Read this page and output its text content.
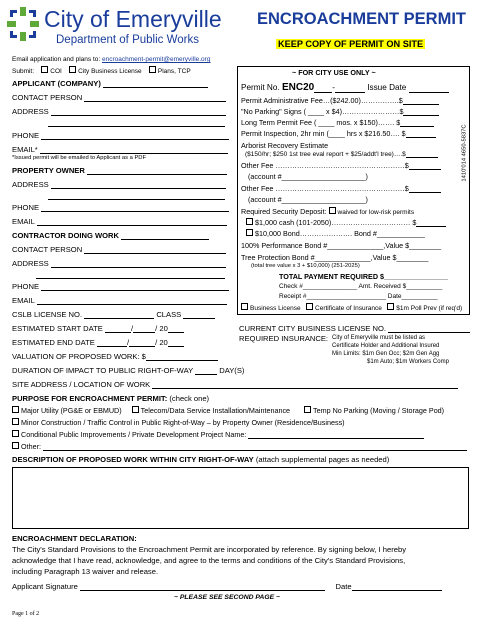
City of Emeryville
Department of Public Works
ENCROACHMENT PERMIT
KEEP COPY OF PERMIT ON SITE
Email application and plans to: encroachment-permit@emeryville.org
Submit: COI City Business License Plans, TCP
APPLICANT (COMPANY)
CONTACT PERSON
ADDRESS
PHONE
EMAIL*
*Issued permit will be emailed to Applicant as a PDF
PROPERTY OWNER
ADDRESS
PHONE
EMAIL
CONTRACTOR DOING WORK
CONTACT PERSON
ADDRESS
PHONE
EMAIL
CSLB LICENSE NO.	CLASS
~ FOR CITY USE ONLY ~
Permit No. ENC20 -	Issue Date
Permit Administrative Fee…($242.00)…………….$
"No Parking" Signs ( ____ x $4)……………………$
Long Term Permit Fee ( ____ mos. x $150)……. $
Permit Inspection, 2hr min (____ hrs x $216.50…. $
Arborist Recovery Estimate
($150/hr; $250 1st tree eval report + $25/addt'l tree)….$
Other Fee ………………………………………………$
(account #_____________________)
Other Fee ………………………………………………$
(account #_____________________)
Required Security Deposit: waived for low-risk permits
$1,000 cash (101-2050)…………………………… $
$10,000 Bond…………………. Bond #____________
100% Performance Bond #______________,Value $________
Tree Protection Bond #______________,Value $________
(total tree value x 3 + $10,000) (251-2025)
TOTAL PAYMENT REQUIRED $________________
Check #_______________ Amt. Received $__________
Receipt #______________________ Date__________
Business License Certificate of Insurance $1m Poll Prev (if req'd)
1410'014 4650-5837C
ESTIMATED START DATE	/	/ 20
ESTIMATED END DATE	/	/ 20
VALUATION OF PROPOSED WORK: $
DURATION OF IMPACT TO PUBLIC RIGHT-OF-WAY	DAY(S)
SITE ADDRESS / LOCATION OF WORK
CURRENT CITY BUSINESS LICENSE NO.
REQUIRED INSURANCE: City of Emeryville must be listed as
Certificate Holder and Additional Insured
Min Limits: $1m Gen Occ; $2m Gen Agg
$1m Auto; $1m Workers Comp
PURPOSE FOR ENCROACHMENT PERMIT: (check one)
Major Utility (PG&E or EBMUD)	Telecom/Data Service Installation/Maintenance	Temp No Parking (Moving / Storage Pod)
Minor Construction / Traffic Control in Public Right-of-Way – by Property Owner (Residence/Business)
Conditional Public Improvements / Private Development Project Name:
Other:
DESCRIPTION OF PROPOSED WORK WITHIN CITY RIGHT-OF-WAY (attach supplemental pages as needed)
ENCROACHMENT DECLARATION:
The City's Standard Provisions to the Encroachment Permit are incorporated by reference. By signing below, I hereby
acknowledge that I have read, acknowledge, and agree to the terms and conditions of the City's Standard Provisions,
including Paragraph 13 waiver and release.
Applicant Signature	Date
~ PLEASE SEE SECOND PAGE ~
Page 1 of 2
